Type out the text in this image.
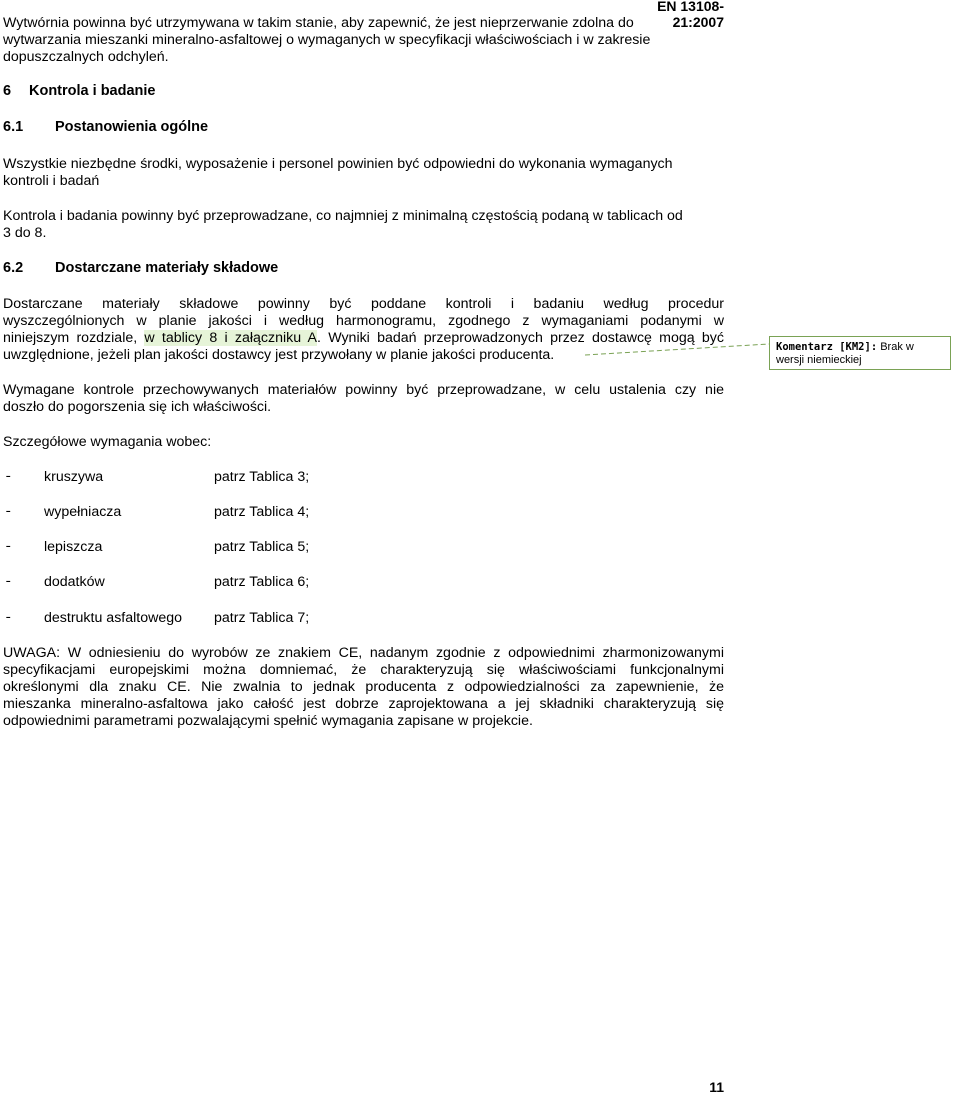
EN 13108-21:2007

Wytwórnia powinna być utrzymywana w takim stanie, aby zapewnić, że jest nieprzerwanie zdolna do
wytwarzania mieszanki mineralno-asfaltowej o wymaganych w specyfikacji właściwościach i w zakresie
dopuszczalnych odchyleń.

6 Kontrola i badanie

6.1 Postanowienia ogólne

Wszystkie niezbędne środki, wyposażenie i personel powinien być odpowiedni do wykonania wymaganych
kontroli i badań

Kontrola i badania powinny być przeprowadzane, co najmniej z minimalną częstością podaną w tablicach od
3 do 8.

6.2 Dostarczane materiały składowe

Dostarczane materiały składowe powinny być poddane kontroli i badaniu według procedur
wyszczególnionych w planie jakości i według harmonogramu, zgodnego z wymaganiami podanymi w
niniejszym rozdziale, w tablicy 8 i załączniku A. Wyniki badań przeprowadzonych przez dostawcę mogą być
uwzględnione, jeżeli plan jakości dostawcy jest przywołany w planie jakości producenta.

Wymagane kontrole przechowywanych materiałów powinny być przeprowadzane, w celu ustalenia czy nie
doszło do pogorszenia się ich właściwości.

Szczegółowe wymagania wobec:

- kruszywa	patrz Tablica 3;
- wypełniacza	patrz Tablica 4;
- lepiszcza	patrz Tablica 5;
- dodatków	patrz Tablica 6;
- destruktu asfaltowego patrz Tablica 7;

UWAGA: W odniesieniu do wyrobów ze znakiem CE, nadanym zgodnie z odpowiednimi zharmonizowanymi
specyfikacjami europejskimi można domniemać, że charakteryzują się właściwościami funkcjonalnymi
określonymi dla znaku CE. Nie zwalnia to jednak producenta z odpowiedzialności za zapewnienie, że
mieszanka mineralno-asfaltowa jako całość jest dobrze zaprojektowana a jej składniki charakteryzują się
odpowiednimi parametrami pozwalającymi spełnić wymagania zapisane w projekcie.

Komentarz [KM2]: Brak w wersji niemieckiej
11
